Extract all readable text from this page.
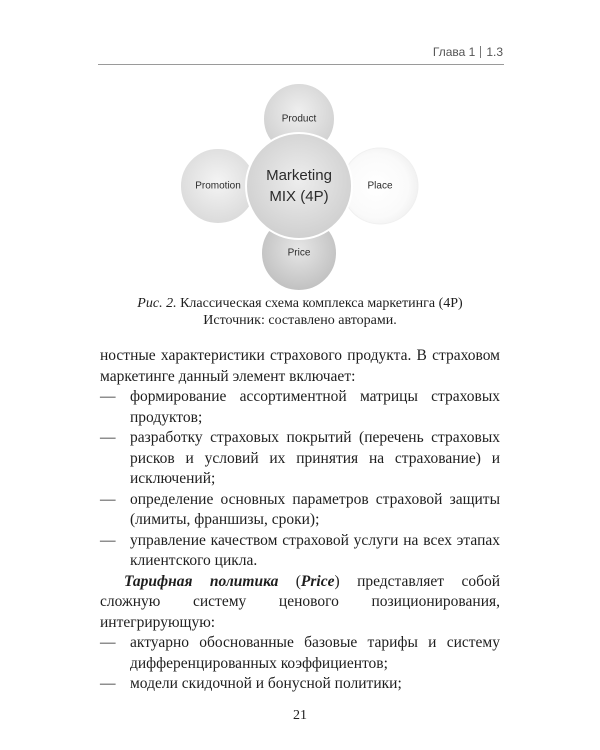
Глава 1 1.3
Product
Promotion	Place
Price
Marketing
MIX (4P)
Рис. 2. Классическая схема комплекса маркетинга (4P)
Источник: составлено авторами.
ностные характеристики страхового продукта. В страховом маркетинге данный элемент включает:
— формирование ассортиментной матрицы страховых продуктов;
— разработку страховых покрытий (перечень страховых рисков и условий их принятия на страхование) и исключений;
— определение основных параметров страховой защиты (лимиты, франшизы, сроки);
— управление качеством страховой услуги на всех этапах клиентского цикла.
Тарифная политика (Price) представляет собой сложную систему ценового позиционирования, интегрирующую:
— актуарно обоснованные базовые тарифы и систему дифференцированных коэффициентов;
— модели скидочной и бонусной политики;
21
